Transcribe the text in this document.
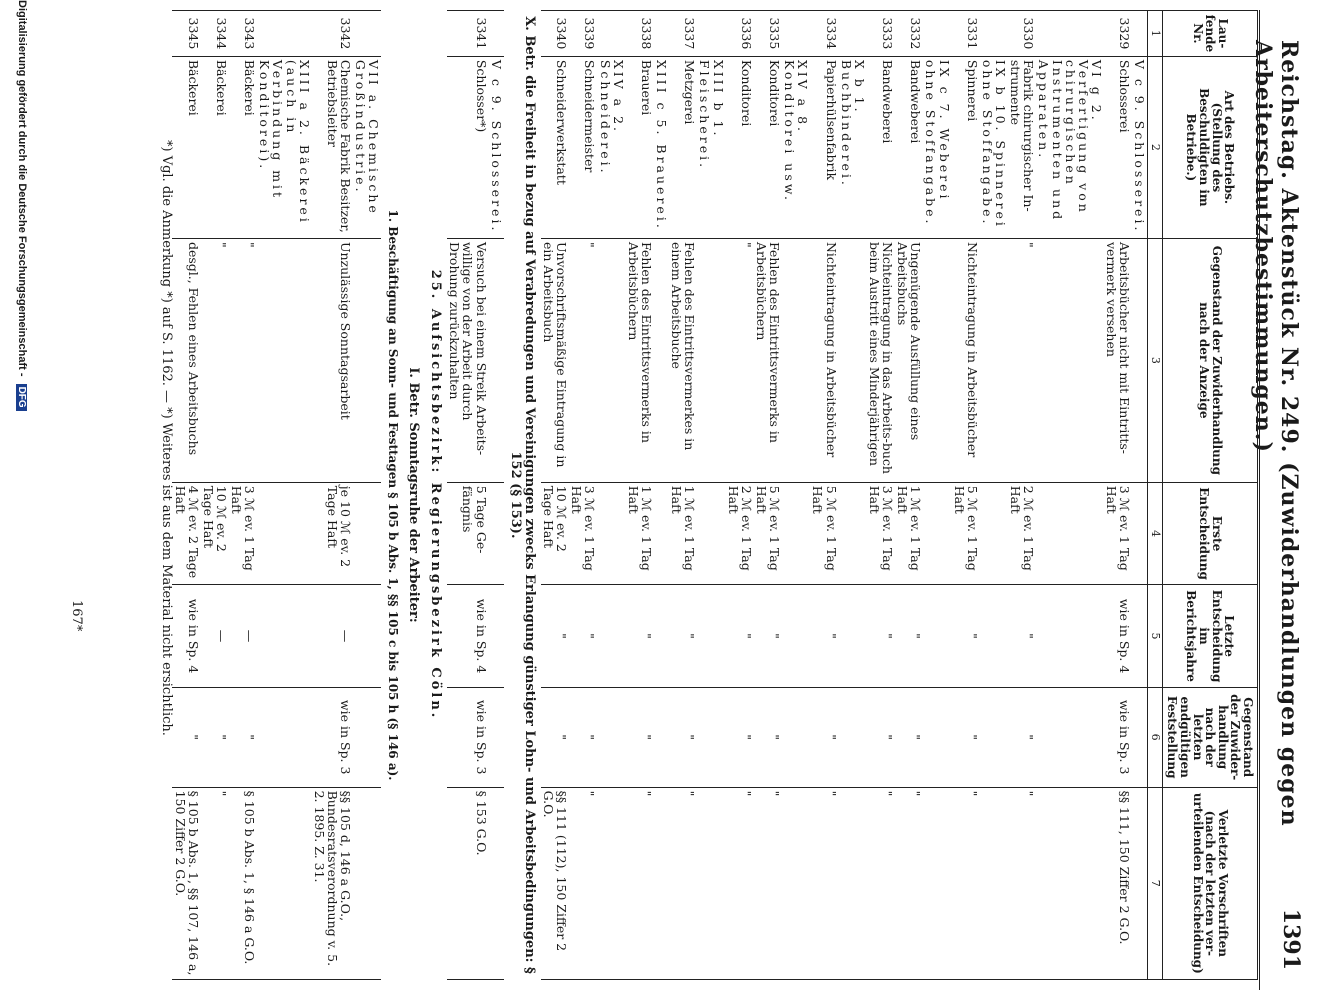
Reichstag. Aktenstück Nr. 249. (Zuwiderhandlungen gegen Arbeiterschutzbestimmungen.)
1391
Lau-fende Nr.	Art des Betriebs. (Stellung des Beschuldigten im Betriebe.)	Gegenstand der Zuwiderhandlung nach der Anzeige	Erste Entscheidung	Letzte Entscheidung im Berichtsjahre	Gegenstand der Zuwider-handlung nach der letzten endgültigen Feststellung	Verletzte Vorschriften (nach der letzten ver-urteilenden Entscheidung)
1	2	3	4	5	6	7
	V c 9. Schlosserei.					
3329	Schlosserei	Arbeitsbücher nicht mit Eintritts-vermerk versehen	3 ℳ ev. 1 Tag Haft	wie in Sp. 4	wie in Sp. 3	§§ 111, 150 Ziffer 2 G.O.
	VI g 2. Verfertigung von chirurgischen Instrumenten und Apparaten.					
3330	Fabrik chirurgischer In-strumente	"	2 ℳ ev. 1 Tag Haft	"	"	"
	IX b 10. Spinnerei ohne Stoffangabe.					
3331	Spinnerei	Nichteintragung in Arbeitsbücher	5 ℳ ev. 1 Tag Haft	"	"	"
	IX c 7. Weberei ohne Stoffangabe.					
3332	Bandweberei	Ungenügende Ausfüllung eines Arbeitsbuchs	1 ℳ ev. 1 Tag Haft	"	"	"
3333	Bandweberei	Nichteintragung in das Arbeits-buch beim Austritt eines Minderjährigen	3 ℳ ev. 1 Tag Haft	"	"	"
	X b 1. Buchbinderei.					
3334	Papierhülsenfabrik	Nichteintragung in Arbeitsbücher	5 ℳ ev. 1 Tag Haft	"	"	"
	XIV a 8. Konditorei usw.					
3335	Konditorei	Fehlen des Eintrittsvermerks in Arbeitsbüchern	5 ℳ ev. 1 Tag Haft	"	"	"
3336	Konditorei	"	2 ℳ ev. 1 Tag Haft	"	"	"
	XIII b 1. Fleischerei.					
3337	Metzgerei	Fehlen des Eintrittsvermerkes in einem Arbeitsbuche	1 ℳ ev. 1 Tag Haft	"	"	"
	XIII c 5. Brauerei.					
3338	Brauerei	Fehlen des Eintrittsvermerks in Arbeitsbüchern	1 ℳ ev. 1 Tag Haft	"	"	"
	XIV a 2. Schneiderei.					
3339	Schneidermeister	"	3 ℳ ev. 1 Tag Haft	"	"	"
3340	Schneiderwerkstatt	Unvorschriftsmäßige Eintragung in ein Arbeitsbuch	10 ℳ ev. 2 Tage Haft	"	"	§§ 111 (112), 150 Ziffer 2 G.O.

X. Betr. die Freiheit in bezug auf Verabredungen und Vereinigungen zwecks Erlangung günstiger Lohn- und Arbeitsbedingungen: § 152 (§ 153).						

	V c 9. Schlosserei.					
3341	Schlosser*)	Versuch bei einem Streik Arbeits-willige von der Arbeit durch Drohung zurückzuhalten	5 Tage Ge-fängnis	wie in Sp. 4	wie in Sp. 3	§ 153 G.O.

25. Aufsichtsbezirk: Regierungsbezirk Cöln.
I. Betr. Sonntagsruhe der Arbeiter:
1. Beschäftigung an Sonn- und Festtagen § 105 b Abs. 1, §§ 105 c bis 105 h (§ 146 a).						

	VII a. Chemische Großindustrie.					
3342	Chemische Fabrik Besitzer, Betriebsleiter	Unzulässige Sonntagsarbeit	je 10 ℳ ev. 2 Tage Haft	—	wie in Sp. 3	§§ 105 d, 146 a G.O., Bundesratsverordnung v. 5. 2. 1895. Z. 31.
	XIII a 2. Bäckerei (auch in Verbindung mit Konditorei).					
3343	Bäckerei	"	3 ℳ ev. 1 Tag Haft	—	"	§ 105 b Abs. 1, § 146 a G.O.
3344	Bäckerei	"	10 ℳ ev. 2 Tage Haft	—	"	"
3345	Bäckerei	desgl., Fehlen eines Arbeitsbuchs	4 ℳ ev. 2 Tage Haft	wie in Sp. 4	"	§ 105 b Abs. 1, §§ 107, 146 a, 150 Ziffer 2 G.O.
*) Vgl. die Anmerkung *) auf S. 1162. — *) Weiteres ist aus dem Material nicht ersichtlich.
167*
Digitalisierung gefördert durch die Deutsche Forschungsgemeinschaft - DFG
